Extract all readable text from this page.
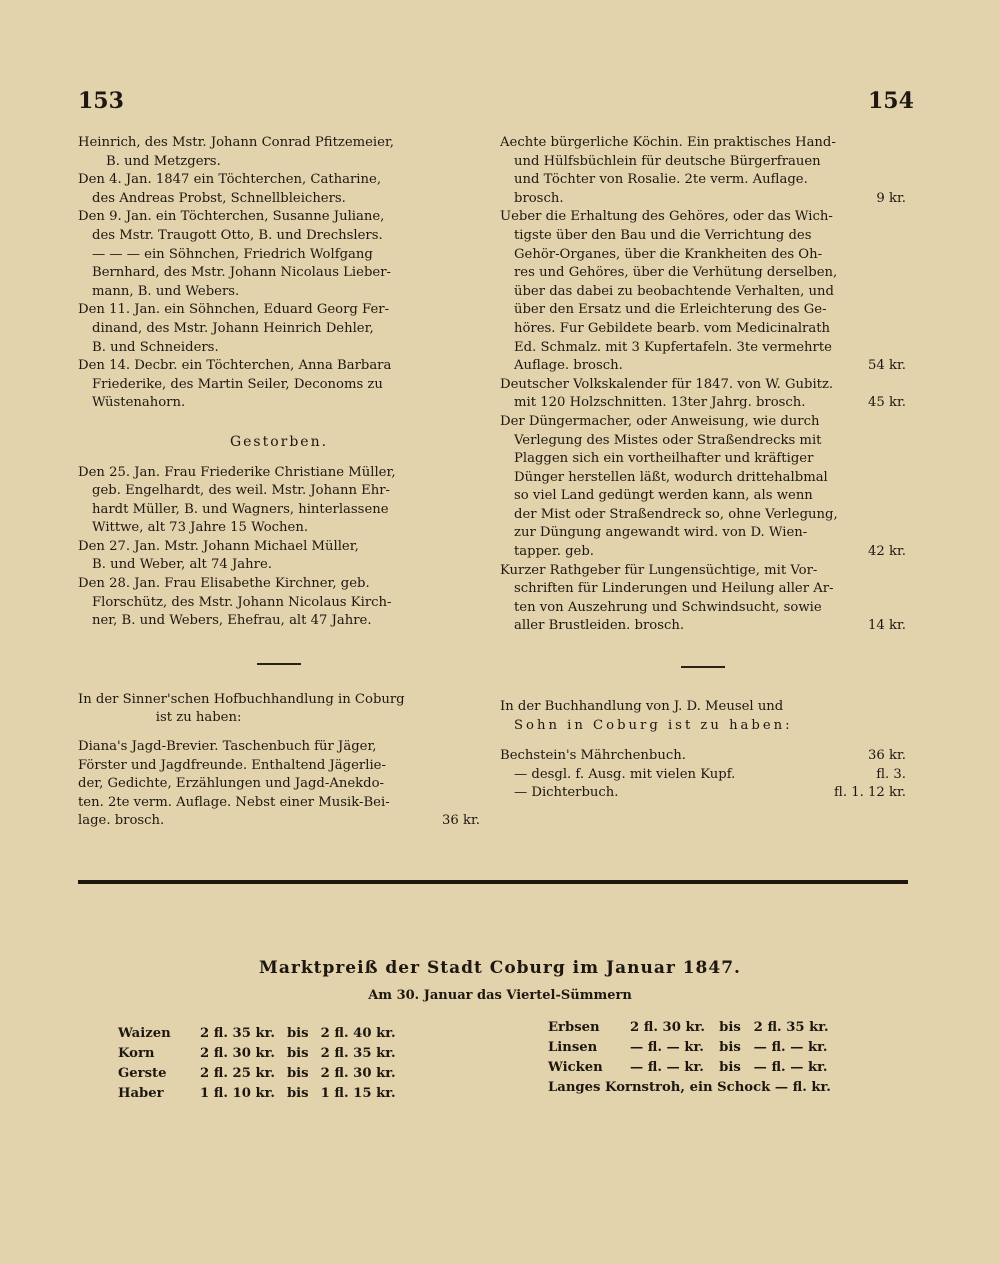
153	154

Heinrich, des Mstr. Johann Conrad Pfitzemeier,
B. und Metzgers.

Den 4. Jan. 1847 ein Töchterchen, Catharine,
des Andreas Probst, Schnellbleichers.

Den 9. Jan. ein Töchterchen, Susanne Juliane,
des Mstr. Traugott Otto, B. und Drechslers.
— — — ein Söhnchen, Friedrich Wolfgang
Bernhard, des Mstr. Johann Nicolaus Lieber-
mann, B. und Webers.

Den 11. Jan. ein Söhnchen, Eduard Georg Fer-
dinand, des Mstr. Johann Heinrich Dehler,
B. und Schneiders.

Den 14. Decbr. ein Töchterchen, Anna Barbara
Friederike, des Martin Seiler, Deconoms zu
Wüstenahorn.

Gestorben.

Den 25. Jan. Frau Friederike Christiane Müller,
geb. Engelhardt, des weil. Mstr. Johann Ehr-
hardt Müller, B. und Wagners, hinterlassene
Wittwe, alt 73 Jahre 15 Wochen.

Den 27. Jan. Mstr. Johann Michael Müller,
B. und Weber, alt 74 Jahre.

Den 28. Jan. Frau Elisabethe Kirchner, geb.
Florschütz, des Mstr. Johann Nicolaus Kirch-
ner, B. und Webers, Ehefrau, alt 47 Jahre.

In der Sinner'schen Hofbuchhandlung in Coburg
ist zu haben:
Diana's Jagd-Brevier. Taschenbuch für Jäger,
Förster und Jagdfreunde. Enthaltend Jägerlie-
der, Gedichte, Erzählungen und Jagd-Anekdo-
ten. 2te verm. Auflage. Nebst einer Musik-Bei-
lage. brosch.	36 kr.
Aechte bürgerliche Köchin. Ein praktisches Hand-
und Hülfsbüchlein für deutsche Bürgerfrauen
und Töchter von Rosalie. 2te verm. Auflage.
brosch.	9 kr.
Ueber die Erhaltung des Gehöres, oder das Wich-
tigste über den Bau und die Verrichtung des
Gehör-Organes, über die Krankheiten des Oh-
res und Gehöres, über die Verhütung derselben,
über das dabei zu beobachtende Verhalten, und
über den Ersatz und die Erleichterung des Ge-
höres. Fur Gebildete bearb. vom Medicinalrath
Ed. Schmalz. mit 3 Kupfertafeln. 3te vermehrte
Auflage. brosch.	54 kr.
Deutscher Volkskalender für 1847. von W. Gubitz.
mit 120 Holzschnitten. 13ter Jahrg. brosch.	45 kr.
Der Düngermacher, oder Anweisung, wie durch
Verlegung des Mistes oder Straßendrecks mit
Plaggen sich ein vortheilhafter und kräftiger
Dünger herstellen läßt, wodurch drittehalbmal
so viel Land gedüngt werden kann, als wenn
der Mist oder Straßendreck so, ohne Verlegung,
zur Düngung angewandt wird. von D. Wien-
tapper. geb.	42 kr.
Kurzer Rathgeber für Lungensüchtige, mit Vor-
schriften für Linderungen und Heilung aller Ar-
ten von Auszehrung und Schwindsucht, sowie
aller Brustleiden. brosch.	14 kr.
In der Buchhandlung von J. D. Meusel und
Sohn in Coburg ist zu haben:
Bechstein's Mährchenbuch.	36 kr.
— desgl. f. Ausg. mit vielen Kupf.	fl. 3.
— Dichterbuch.	fl. 1. 12 kr.
Marktpreiß der Stadt Coburg im Januar 1847.
Am 30. Januar das Viertel-Sümmern
Waizen	2 fl. 35 kr.	bis	2 fl. 40 kr.
Korn	2 fl. 30 kr.	bis	2 fl. 35 kr.
Gerste	2 fl. 25 kr.	bis	2 fl. 30 kr.
Haber	1 fl. 10 kr.	bis	1 fl. 15 kr.
Erbsen	2 fl. 30 kr.	bis	2 fl. 35 kr.
Linsen	— fl. — kr.	bis	— fl. — kr.
Wicken	— fl. — kr.	bis	— fl. — kr.
Langes Kornstroh, ein Schock — fl. kr.			
